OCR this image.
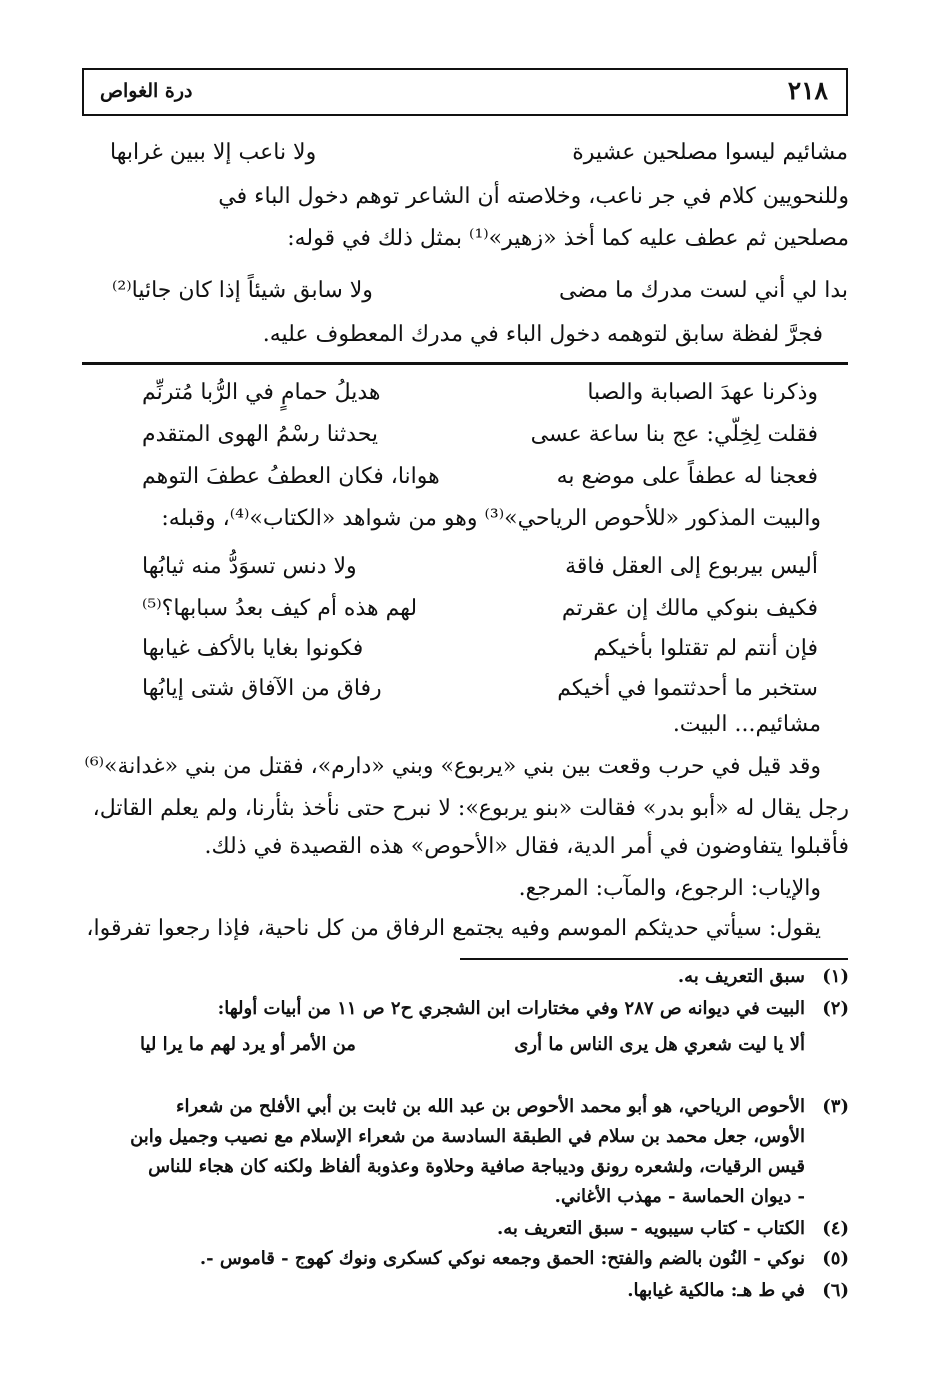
٢١٨
درة الغواص
مشائيم ليسوا مصلحين عشيرة
ولا ناعب إلا ببين غرابها
وللنحويين كلام في جر ناعب، وخلاصته أن الشاعر توهم دخول الباء في
مصلحين ثم عطف عليه كما أخذ «زهير»⁽¹⁾ بمثل ذلك في قوله:
بدا لي أني لست مدرك ما مضى
ولا سابق شيئاً إذا كان جائيا⁽²⁾
فجرَّ لفظة سابق لتوهمه دخول الباء في مدرك المعطوف عليه.
وذكرنا عهدَ الصبابة والصبا
هديلُ حمامٍ في الرُّبا مُترنِّم
فقلت لِخِلّي: عج بنا ساعة عسى
يحدثنا رسْمُ الهوى المتقدم
فعجنا له عطفاً على موضع به
هوانا، فكان العطفُ عطفَ التوهم
والبيت المذكور «للأحوص الرياحي»⁽³⁾ وهو من شواهد «الكتاب»⁽⁴⁾، وقبله:
أليس بيربوع إلى العقل فاقة
ولا دنس تسوَدُّ منه ثيابُها
فكيف بنوكي مالك إن عقرتم
لهم هذه أم كيف بعدُ سبابها؟⁽⁵⁾
فإن أنتم لم تقتلوا بأخيكم
فكونوا بغايا بالأكف غيابها
ستخبر ما أحدثتموا في أخيكم
رفاق من الآفاق شتى إيابُها
مشائيم... البيت.
وقد قيل في حرب وقعت بين بني «يربوع» وبني «دارم»، فقتل من بني «غدانة»⁽⁶⁾
رجل يقال له «أبو بدر» فقالت «بنو يربوع»: لا نبرح حتى نأخذ بثأرنا، ولم يعلم القاتل،
فأقبلوا يتفاوضون في أمر الدية، فقال «الأحوص» هذه القصيدة في ذلك.
والإياب: الرجوع، والمآب: المرجع.
يقول: سيأتي حديثكم الموسم وفيه يجتمع الرفاق من كل ناحية، فإذا رجعوا تفرقوا،
(١)
سبق التعريف به.
(٢)
البيت في ديوانه ص ٢٨٧ وفي مختارات ابن الشجري ح٢ ص ١١ من أبيات أولها:
ألا يا ليت شعري هل يرى الناس ما أرى
من الأمر أو يرد لهم ما يرا ليا
(٣)
الأحوص الرياحي، هو أبو محمد الأحوص بن عبد الله بن ثابت بن أبي الأفلح من شعراء
الأوس، جعل محمد بن سلام في الطبقة السادسة من شعراء الإسلام مع نصيب وجميل وابن
قيس الرقيات، ولشعره رونق وديباجة صافية وحلاوة وعذوبة ألفاظ ولكنه كان هجاء للناس
- ديوان الحماسة - مهذب الأغاني.
(٤)
الكتاب - كتاب سيبويه - سبق التعريف به.
(٥)
نوكي - النُون بالضم والفتح: الحمق وجمعه نوكي كسكرى ونوك كهوج - قاموس -.
(٦)
في ط هـ: مالكية غيابها.
